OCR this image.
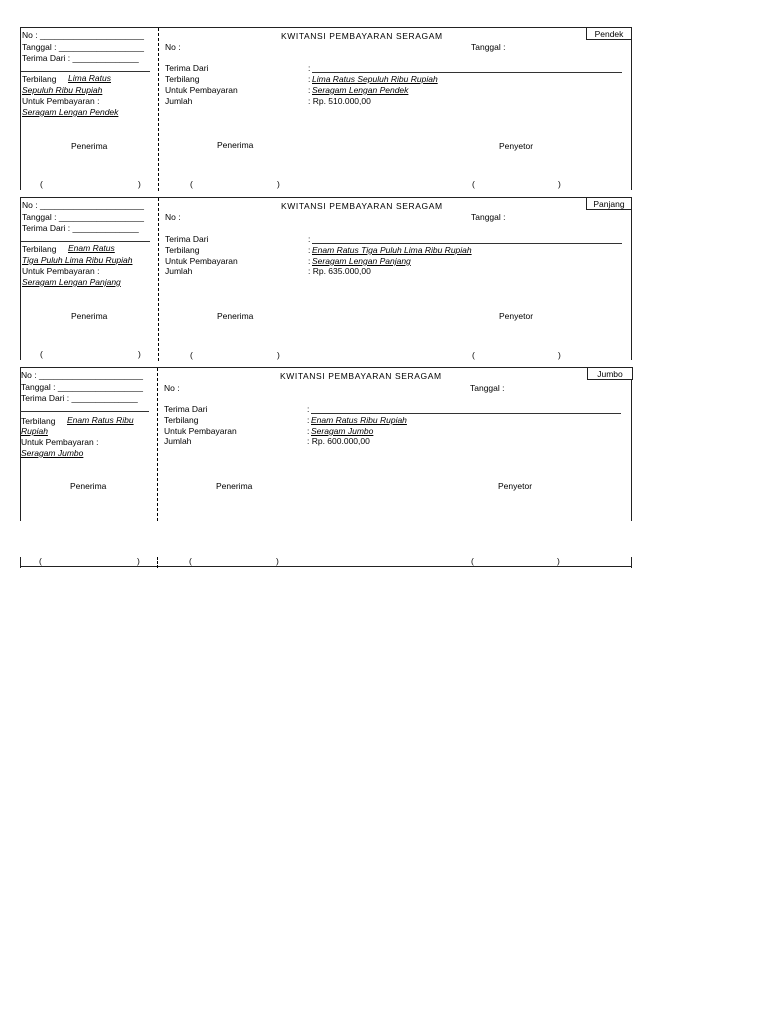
No : ______________________
Tanggal : __________________
Terima Dari : ______________
Terbilang Lima Ratus
Sepuluh Ribu Rupiah
Untuk Pembayaran :
Seragam Lengan Pendek
Penerima
(	)
KWITANSI PEMBAYARAN SERAGAM	Pendek
No :	Tanggal :
Terima Dari	:
Terbilang	: Lima Ratus Sepuluh Ribu Rupiah
Untuk Pembayaran	: Seragam Lengan Pendek
Jumlah	: Rp. 510.000,00
Penerima	Penyetor
(	)	(	)
No : ______________________
Tanggal : __________________
Terima Dari : ______________
Terbilang Enam Ratus
Tiga Puluh Lima Ribu Rupiah
Untuk Pembayaran :
Seragam Lengan Panjang
Penerima
(	)
KWITANSI PEMBAYARAN SERAGAM	Panjang
No :	Tanggal :
Terima Dari	:
Terbilang	: Enam Ratus Tiga Puluh Lima Ribu Rupiah
Untuk Pembayaran	: Seragam Lengan Panjang
Jumlah	: Rp. 635.000,00
Penerima	Penyetor
(	)	(	)
No : ______________________
Tanggal : __________________
Terima Dari : ______________
Terbilang Enam Ratus Ribu
Rupiah
Untuk Pembayaran :
Seragam Jumbo
Penerima
(	)
KWITANSI PEMBAYARAN SERAGAM	Jumbo
No :	Tanggal :
Terima Dari	:
Terbilang	: Enam Ratus Ribu Rupiah
Untuk Pembayaran	: Seragam Jumbo
Jumlah	: Rp. 600.000,00
Penerima	Penyetor
(	)	(	)
